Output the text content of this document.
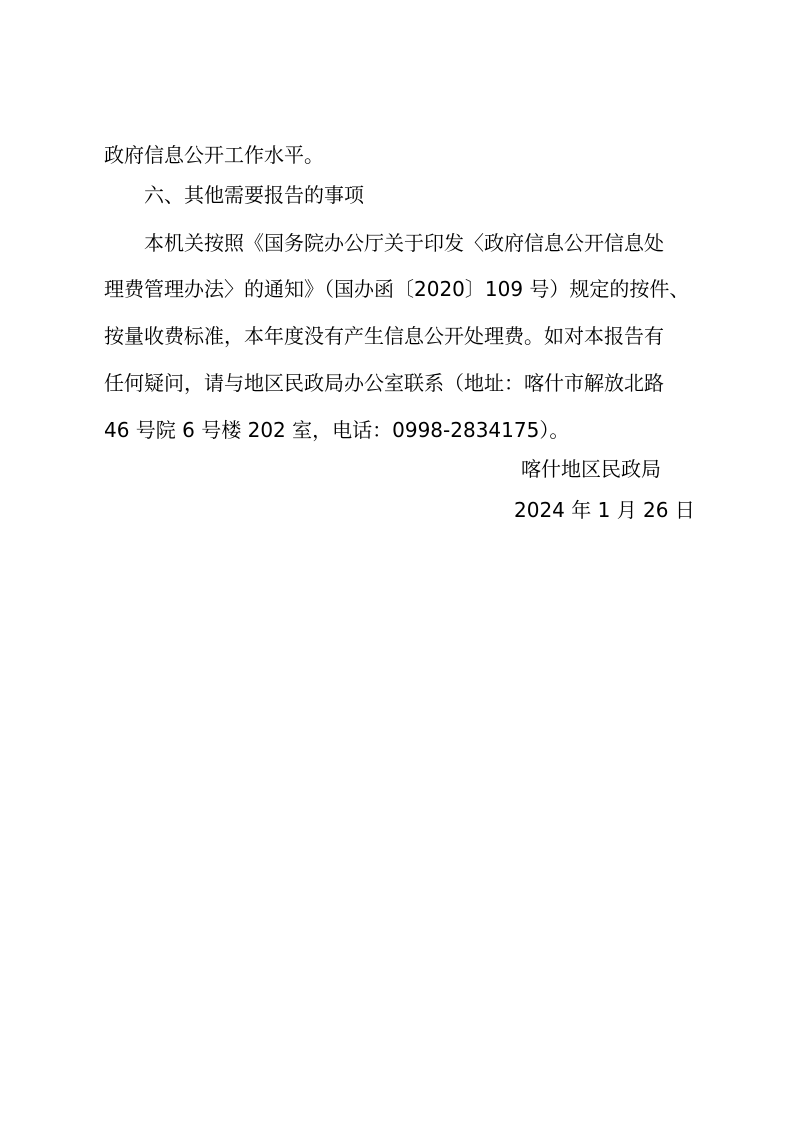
政府信息公开工作水平。
六、其他需要报告的事项
本机关按照《国务院办公厅关于印发〈政府信息公开信息处
理费管理办法〉的通知》（国办函〔2020〕109 号）规定的按件、
按量收费标准，本年度没有产生信息公开处理费。如对本报告有
任何疑问，请与地区民政局办公室联系（地址：喀什市解放北路
46 号院 6 号楼 202 室，电话：0998-2834175）。
喀什地区民政局
2024 年 1 月 26 日
